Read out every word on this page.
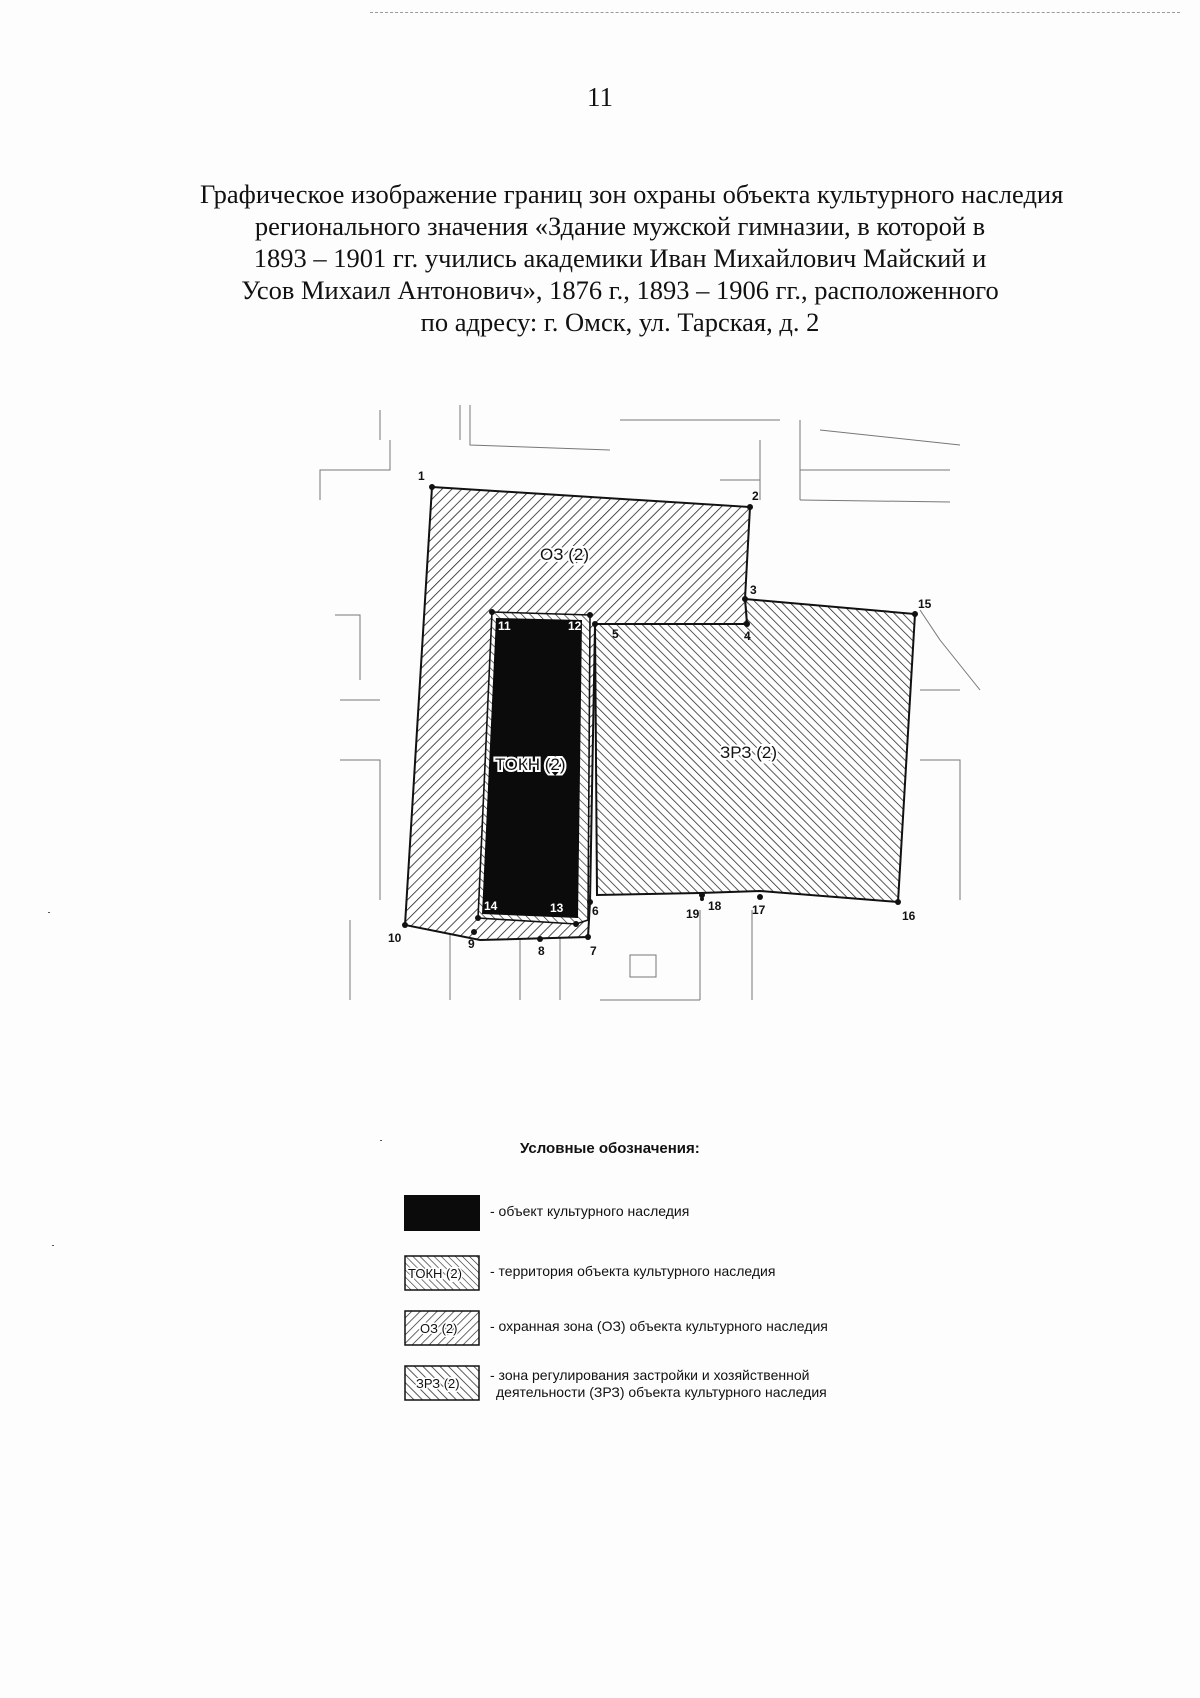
11
Графическое изображение границ зон охраны объекта культурного наследия
регионального значения «Здание мужской гимназии, в которой в
1893 – 1901 гг. учились академики Иван Михайлович Майский и
Усов Михаил Антонович», 1876 г., 1893 – 1906 гг., расположенного
по адресу: г. Омск, ул. Тарская, д. 2
ОЗ (2)
ТОКН (2)
ЗРЗ (2)
1
2
3
4
5
6
7
8
9
10
11	12
13
14
15
16
17
18
19
Условные обозначения:
- объект культурного наследия
ТОКН (2) - территория объекта культурного наследия
ОЗ (2) - охранная зона (ОЗ) объекта культурного наследия
ЗРЗ (2)
- зона регулирования застройки и хозяйственной
деятельности (ЗРЗ) объекта культурного наследия
